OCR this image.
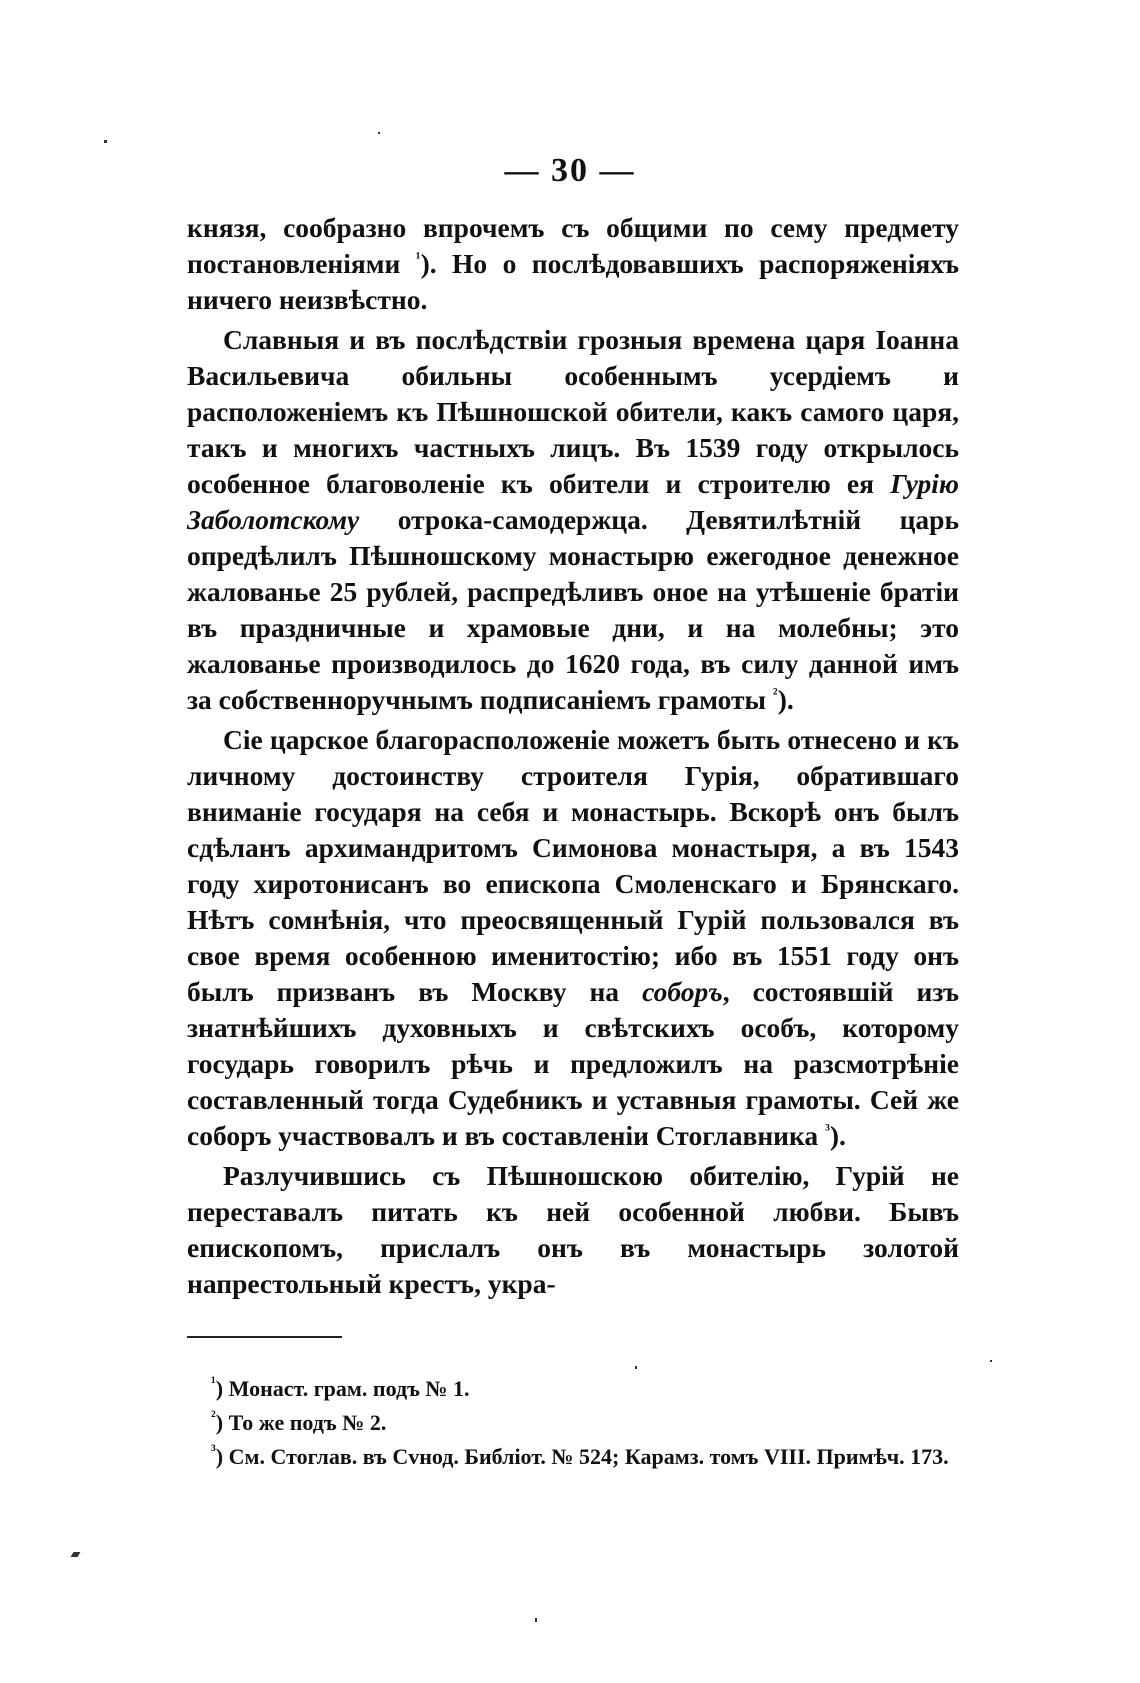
— 30 —

князя, сообразно впрочемъ съ общими по сему предмету постановленіями $^{^1}$). Но о послѣдовавшихъ распоряженіяхъ ничего неизвѣстно.

Славныя и въ послѣдствіи грозныя времена царя Іоанна Васильевича обильны особеннымъ усердіемъ и расположеніемъ къ Пѣшношской обители, какъ самого царя, такъ и многихъ частныхъ лицъ. Въ 1539 году открылось особенное благоволеніе къ обители и строителю ея Гурію Заболотскому отрока-самодержца. Девятилѣтній царь опредѣлилъ Пѣшношскому монастырю ежегодное денежное жалованье 25 рублей, распредѣливъ оное на утѣшеніе братіи въ праздничные и храмовые дни, и на молебны; это жалованье производилось до 1620 года, въ силу данной имъ за собственноручнымъ подписаніемъ грамоты $^{^2}$).

Сіе царское благорасположеніе можетъ быть отнесено и къ личному достоинству строителя Гурія, обратившаго вниманіе государя на себя и монастырь. Вскорѣ онъ былъ сдѣланъ архимандритомъ Симонова монастыря, а въ 1543 году хиротонисанъ во епископа Смоленскаго и Брянскаго. Нѣтъ сомнѣнія, что преосвященный Гурій пользовался въ свое время особенною именитостію; ибо въ 1551 году онъ былъ призванъ въ Москву на соборъ, состоявшій изъ знатнѣйшихъ духовныхъ и свѣтскихъ особъ, которому государь говорилъ рѣчь и предложилъ на разсмотрѣніе составленный тогда Судебникъ и уставныя грамоты. Сей же соборъ участвовалъ и въ составленіи Стоглавника $^{^3}$).

Разлучившись съ Пѣшношскою обителію, Гурій не переставалъ питать къ ней особенной любви. Бывъ епископомъ, прислалъ онъ въ монастырь золотой напрестольный крестъ, укра-

$^{^1}$) Монаст. грам. подъ № 1.

$^{^2}$) То же подъ № 2.

$^{^3}$) См. Стоглав. въ Сvнод. Библіот. № 524; Карамз. томъ VIII. Примѣч. 173.
